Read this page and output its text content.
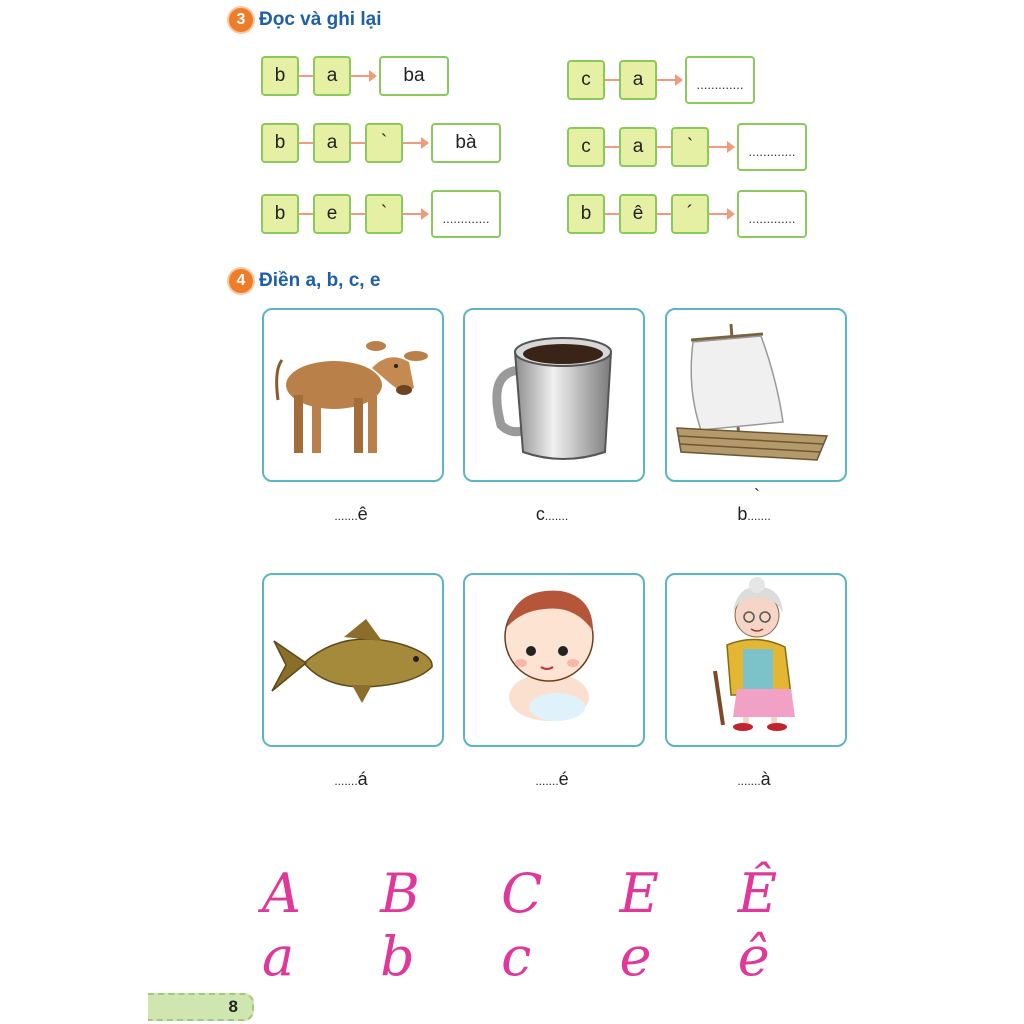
3 Đọc và ghi lại
b	a	ba	c	a	.............
b	a	`	bà	c	a	`	.............
b	e	`	.............	b	ê	´	.............
4 Điền a, b, c, e
.......ê	c.......	b.......
`
.......á	.......é	.......à
A a
B b
C c
E e
Ê ê
8
